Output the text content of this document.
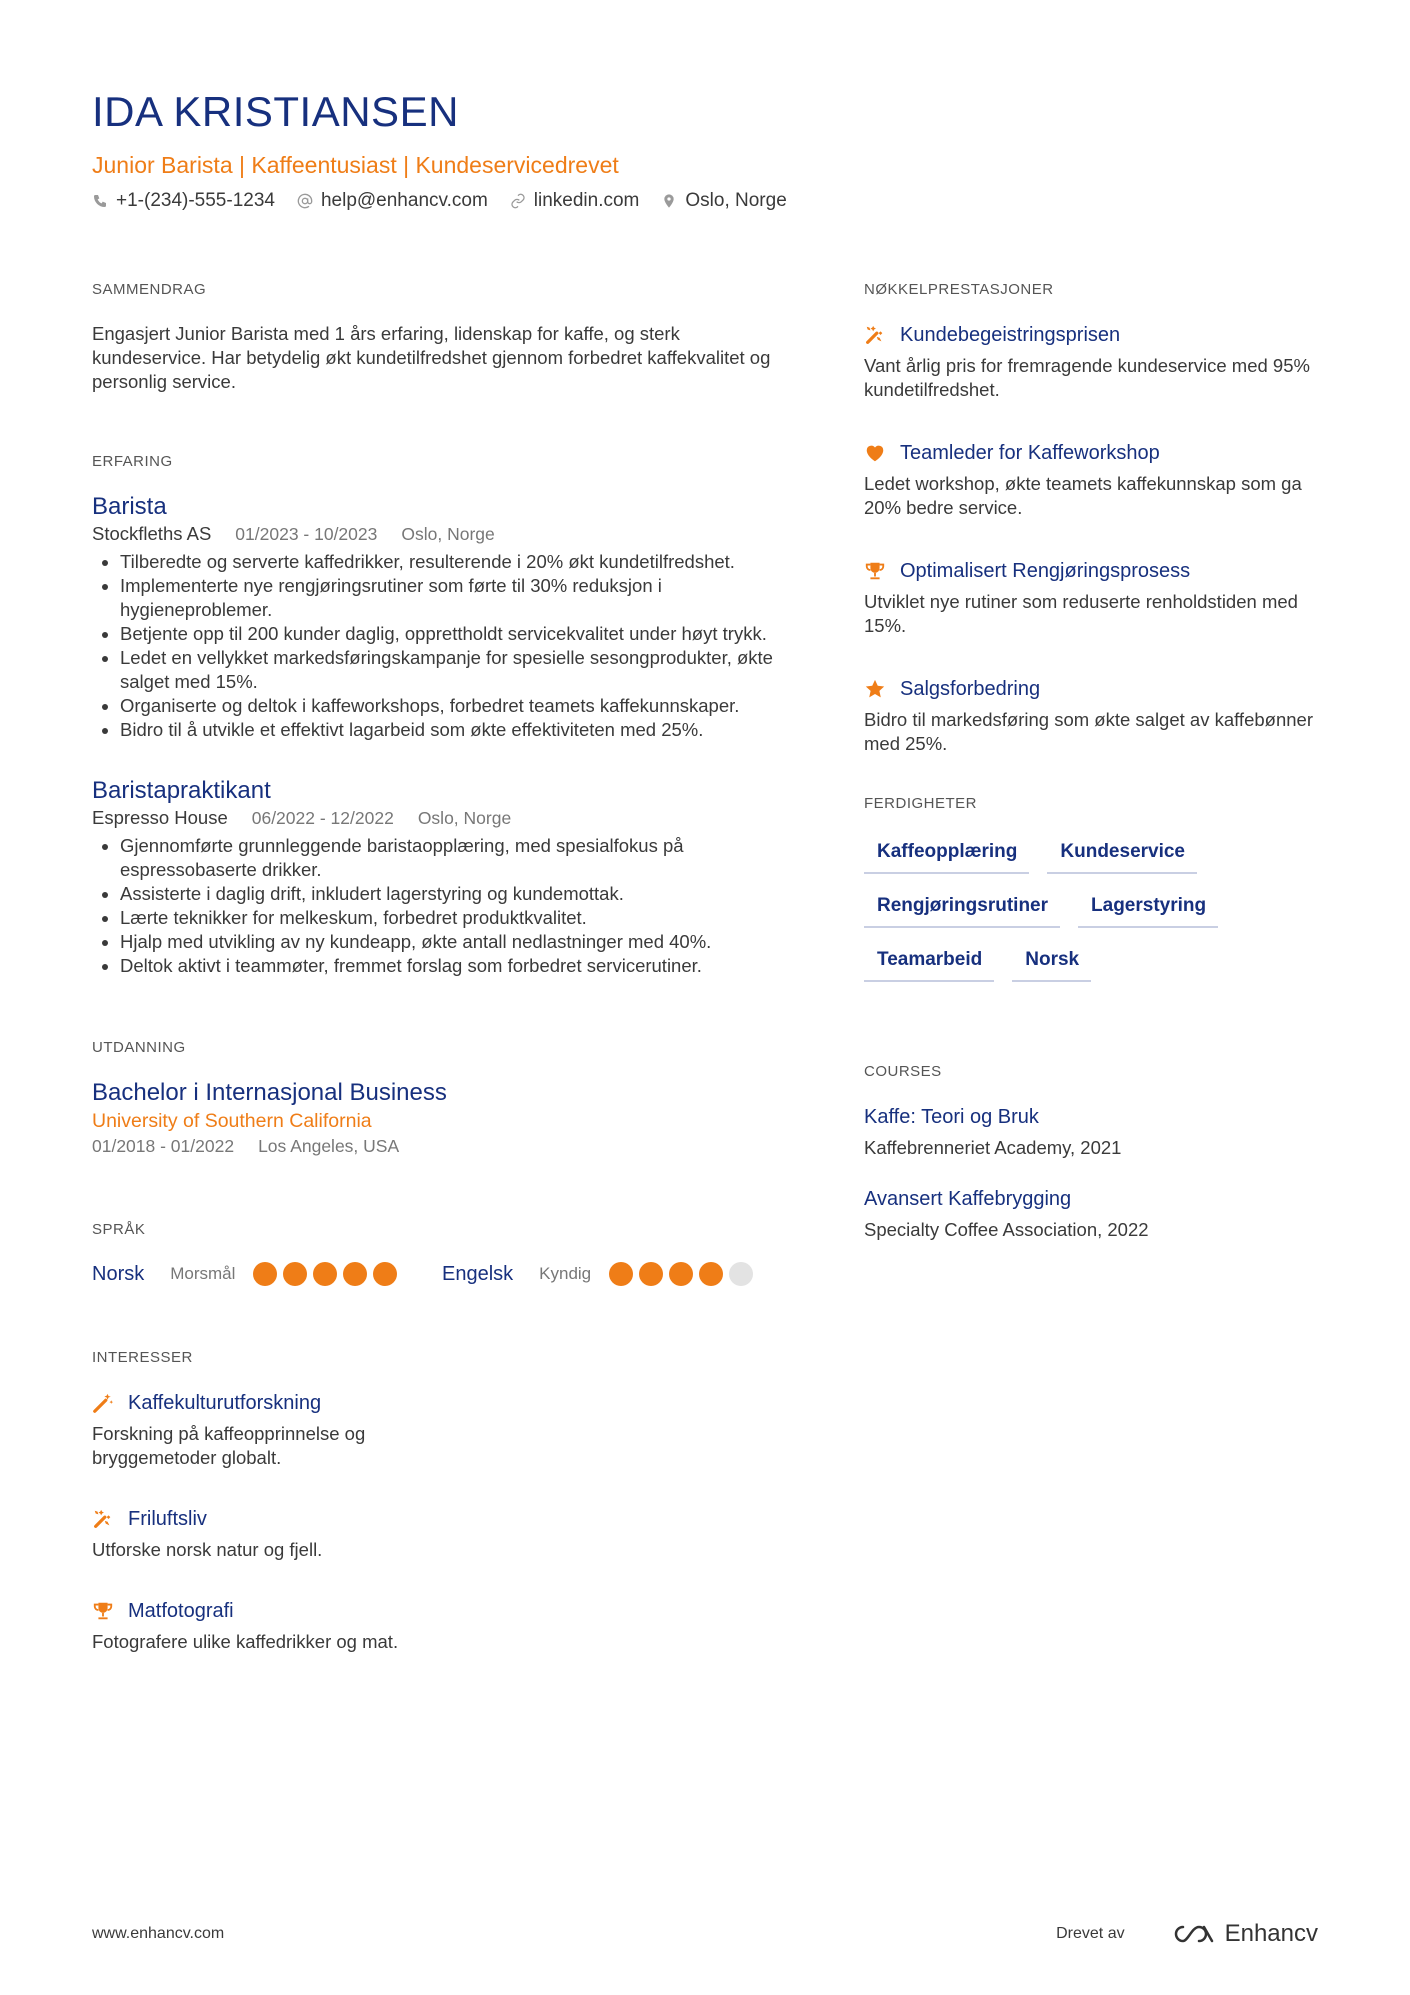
IDA KRISTIANSEN
Junior Barista | Kaffeentusiast | Kundeservicedrevet
+1-(234)-555-1234 help@enhancv.com linkedin.com Oslo, Norge
SAMMENDRAG
Engasjert Junior Barista med 1 års erfaring, lidenskap for kaffe, og sterk kundeservice. Har betydelig økt kundetilfredshet gjennom forbedret kaffekvalitet og personlig service.
ERFARING
Barista
Stockfleths AS 01/2023 - 10/2023 Oslo, Norge
Tilberedte og serverte kaffedrikker, resulterende i 20% økt kundetilfredshet.
Implementerte nye rengjøringsrutiner som førte til 30% reduksjon i hygieneproblemer.
Betjente opp til 200 kunder daglig, opprettholdt servicekvalitet under høyt trykk.
Ledet en vellykket markedsføringskampanje for spesielle sesongprodukter, økte salget med 15%.
Organiserte og deltok i kaffeworkshops, forbedret teamets kaffekunnskaper.
Bidro til å utvikle et effektivt lagarbeid som økte effektiviteten med 25%.
Baristapraktikant
Espresso House 06/2022 - 12/2022 Oslo, Norge
Gjennomførte grunnleggende baristaopplæring, med spesialfokus på espressobaserte drikker.
Assisterte i daglig drift, inkludert lagerstyring og kundemottak.
Lærte teknikker for melkeskum, forbedret produktkvalitet.
Hjalp med utvikling av ny kundeapp, økte antall nedlastninger med 40%.
Deltok aktivt i teammøter, fremmet forslag som forbedret servicerutiner.
UTDANNING
Bachelor i Internasjonal Business
University of Southern California
01/2018 - 01/2022 Los Angeles, USA
SPRÅK
Norsk Morsmål	Engelsk Kyndig
INTERESSER
Kaffekulturutforskning
Forskning på kaffeopprinnelse og bryggemetoder globalt.
Friluftsliv
Utforske norsk natur og fjell.
Matfotografi
Fotografere ulike kaffedrikker og mat.
NØKKELPRESTASJONER
Kundebegeistringsprisen
Vant årlig pris for fremragende kundeservice med 95% kundetilfredshet.
Teamleder for Kaffeworkshop
Ledet workshop, økte teamets kaffekunnskap som ga 20% bedre service.
Optimalisert Rengjøringsprosess
Utviklet nye rutiner som reduserte renholdstiden med 15%.
Salgsforbedring
Bidro til markedsføring som økte salget av kaffebønner med 25%.
FERDIGHETER
Kaffeopplæring	Kundeservice
Rengjøringsrutiner	Lagerstyring
Teamarbeid	Norsk
COURSES
Kaffe: Teori og Bruk
Kaffebrenneriet Academy, 2021
Avansert Kaffebrygging
Specialty Coffee Association, 2022
www.enhancv.com	Drevet av	Enhancv
